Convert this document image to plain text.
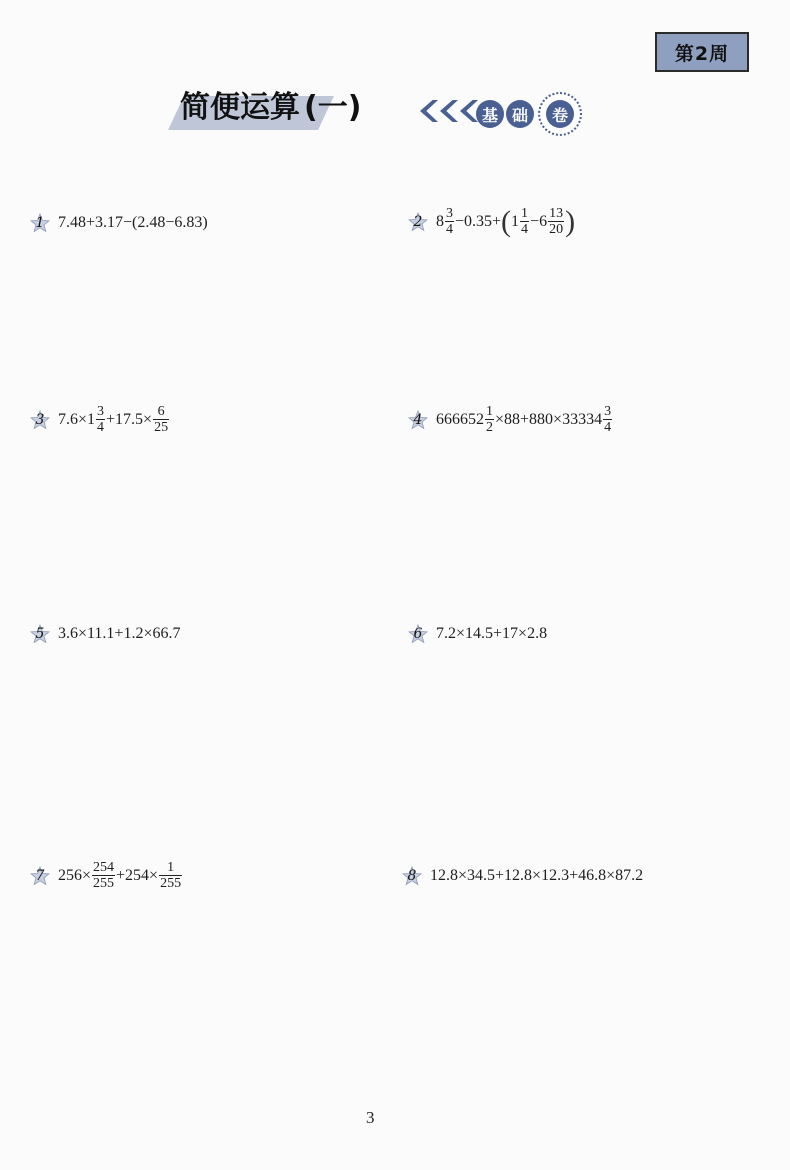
第2周
简便运算 (一)	基 础	卷
1 7.48+3.17−(2.48−6.83)	2 $8 \frac{3}{4} -0.35+$ ( $1 \frac{1}{4} -6 \frac{13}{20}$ )
3 $7.6\times 1 \frac{3}{4} +17.5\times \frac{6}{25}$	4 $666652 \frac{1}{2} \times 88+880\times 33334 \frac{3}{4}$
5 3.6×11.1+1.2×66.7	6 7.2×14.5+17×2.8
7 $256\times \frac{254}{255} +254\times \frac{1}{255}$	8 12.8×34.5+12.8×12.3+46.8×87.2
3
